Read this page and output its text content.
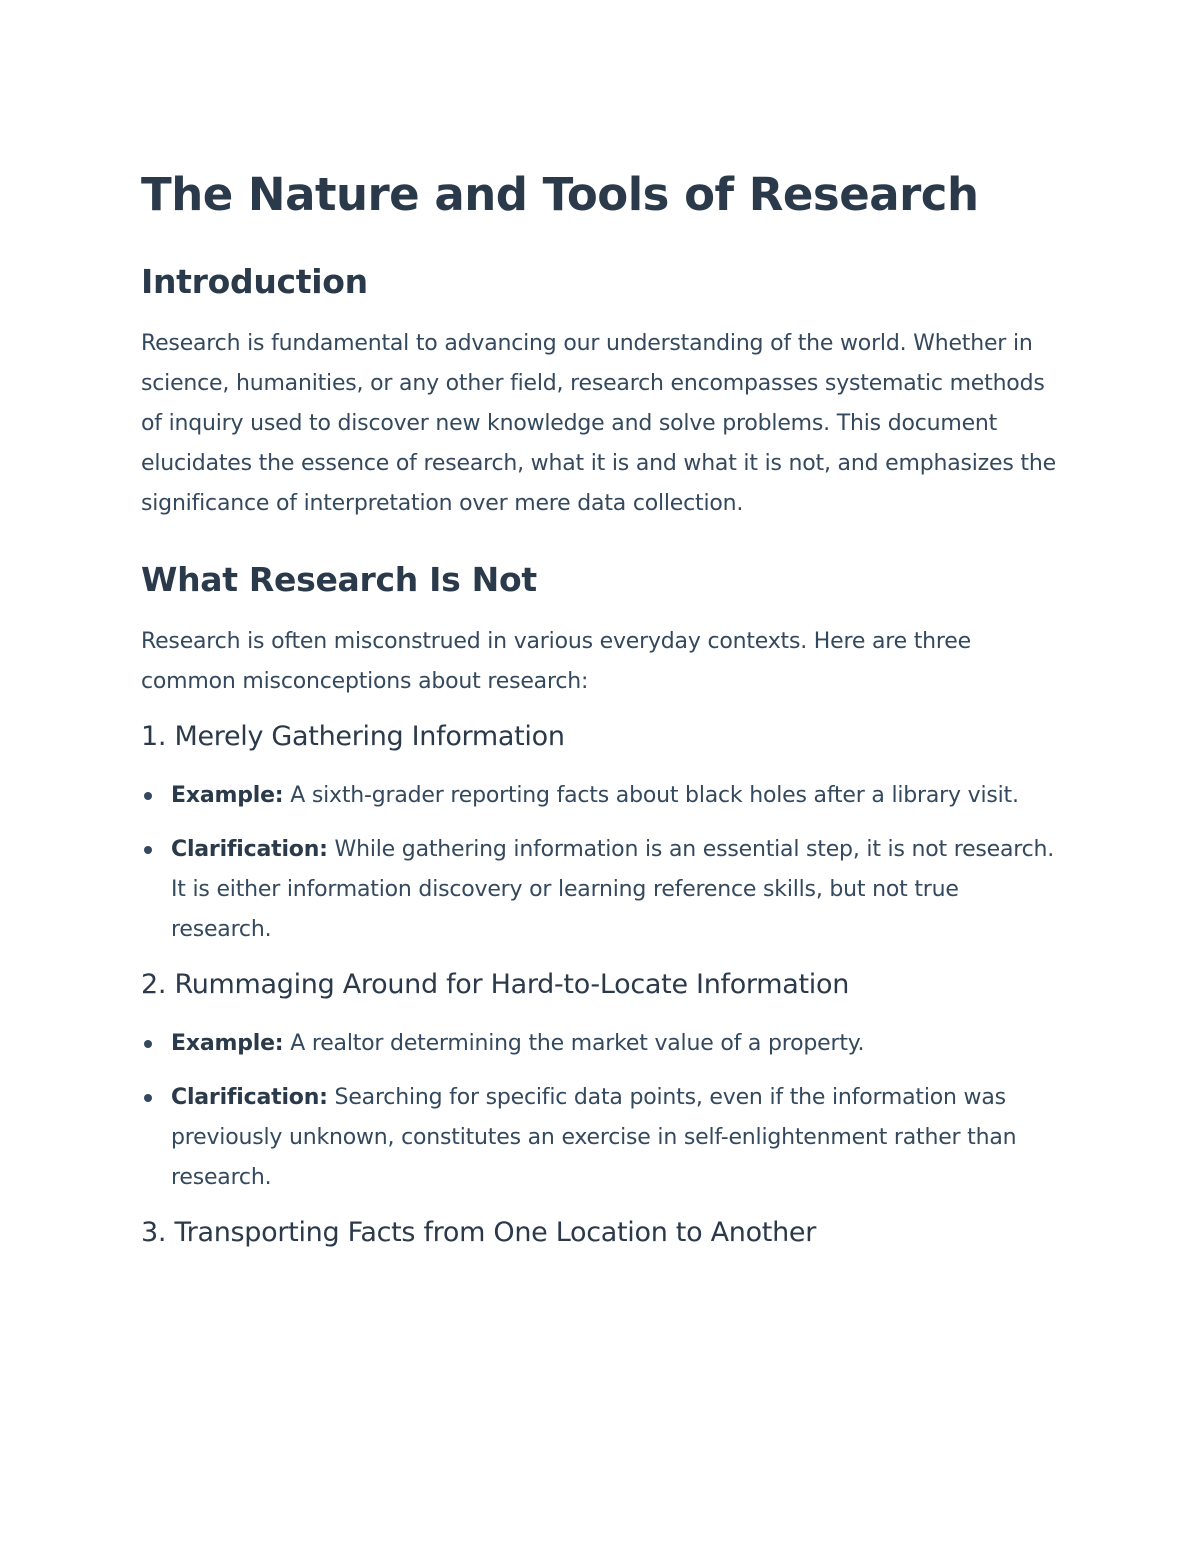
The Nature and Tools of Research
Introduction

Research is fundamental to advancing our understanding of the world. Whether in science, humanities, or any other field, research encompasses systematic methods of inquiry used to discover new knowledge and solve problems. This document elucidates the essence of research, what it is and what it is not, and emphasizes the significance of interpretation over mere data collection.

What Research Is Not

Research is often misconstrued in various everyday contexts. Here are three common misconceptions about research:

1. Merely Gathering Information
Example: A sixth-grader reporting facts about black holes after a library visit.
Clarification: While gathering information is an essential step, it is not research. It is either information discovery or learning reference skills, but not true research.
2. Rummaging Around for Hard-to-Locate Information
Example: A realtor determining the market value of a property.
Clarification: Searching for specific data points, even if the information was previously unknown, constitutes an exercise in self-enlightenment rather than research.
3. Transporting Facts from One Location to Another
